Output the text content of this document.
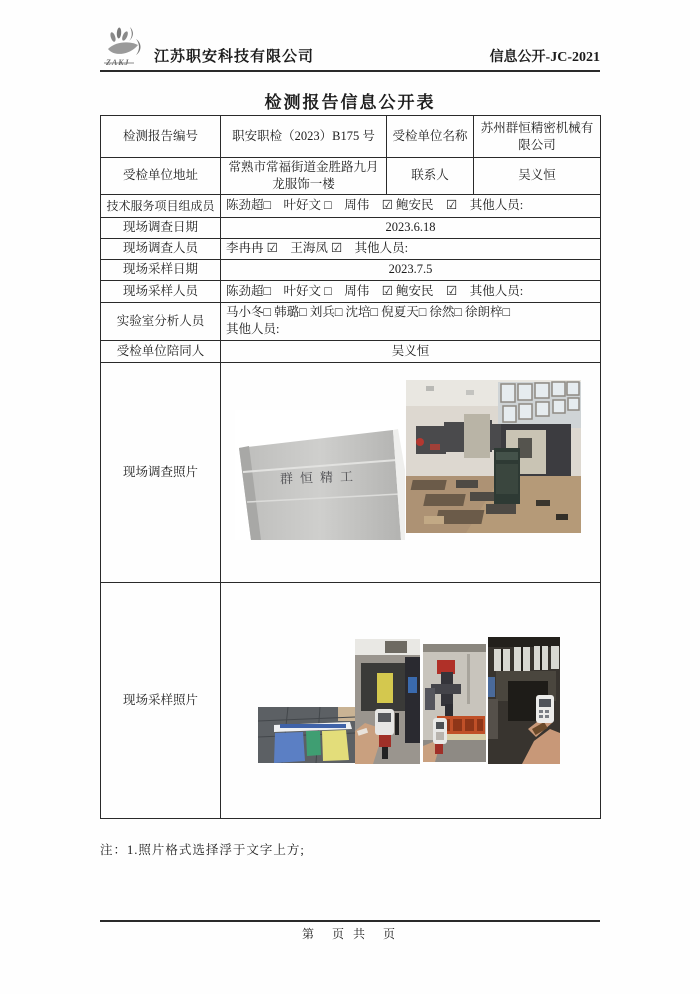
ZAKJ 江苏职安科技有限公司	信息公开-JC-2021
检测报告信息公开表
检测报告编号	职安职检（2023）B175 号	受检单位名称	苏州群恒精密机械有限公司
受检单位地址	常熟市常福街道金胜路九月龙服饰一楼	联系人	吴义恒
技术服务项目组成员	陈劲超□　叶好文 □　周伟　☑ 鲍安民　☑　其他人员:		
现场调查日期	2023.6.18		
现场调查人员	李冉冉 ☑　王海凤 ☑　其他人员:		
现场采样日期	2023.7.5		
现场采样人员	陈劲超□　叶好文 □　周伟　☑ 鲍安民　☑　其他人员:		
实验室分析人员	马小冬□ 韩璐□ 刘兵□ 沈培□ 倪夏天□ 徐然□ 徐朗梓□
其他人员:		

受检单位陪同人	吴义恒		
现场调查照片	群恒精工		

现场采样照片	
注：1.照片格式选择浮于文字上方;
第　页 共　页
